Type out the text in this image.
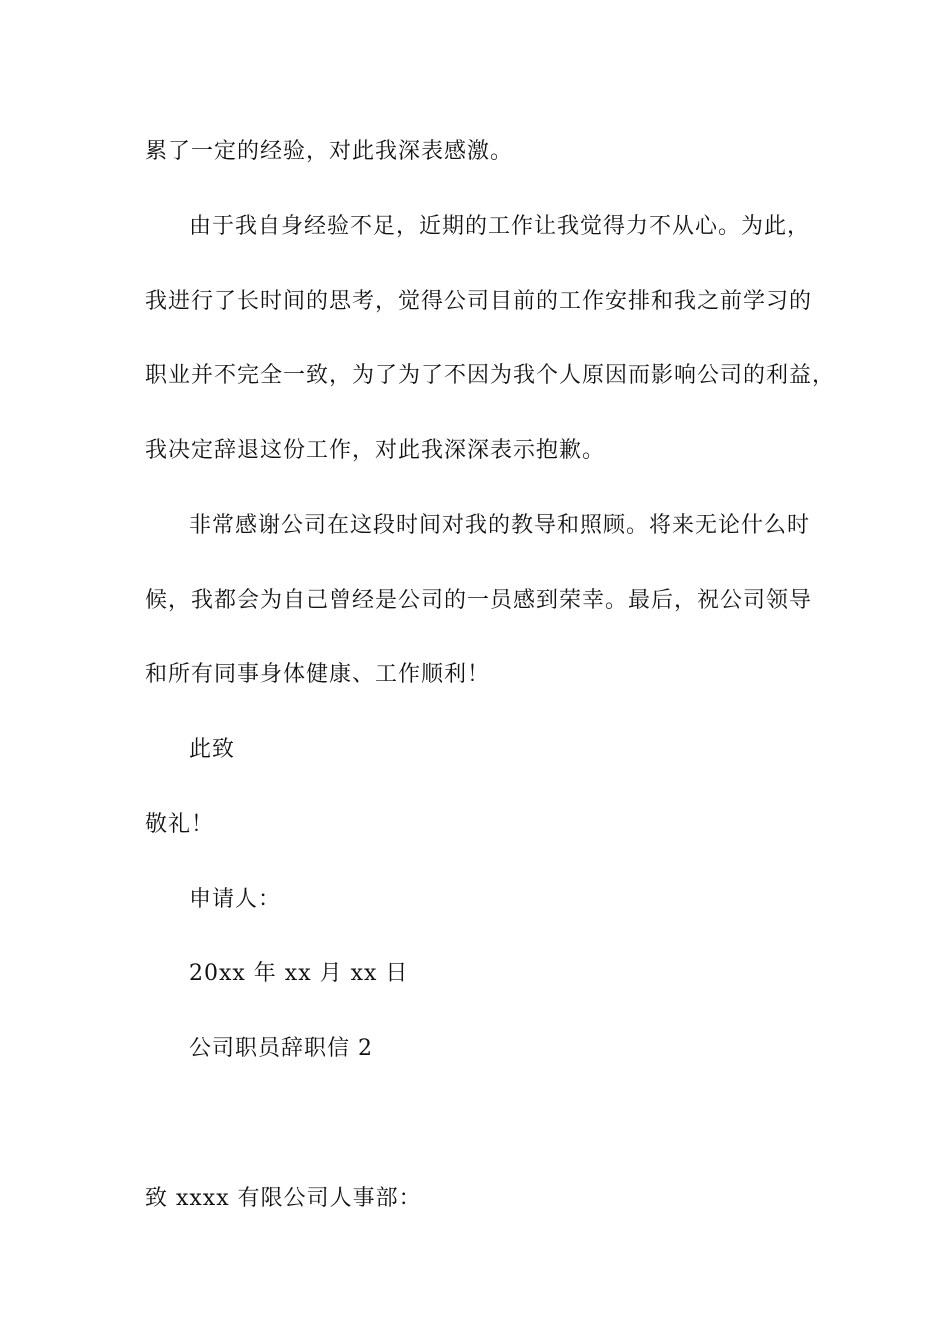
累了一定的经验，对此我深表感激。
由于我自身经验不足，近期的工作让我觉得力不从心。为此，
我进行了长时间的思考，觉得公司目前的工作安排和我之前学习的
职业并不完全一致，为了为了不因为我个人原因而影响公司的利益，
我决定辞退这份工作，对此我深深表示抱歉。
非常感谢公司在这段时间对我的教导和照顾。将来无论什么时
候，我都会为自己曾经是公司的一员感到荣幸。最后，祝公司领导
和所有同事身体健康、工作顺利！
此致
敬礼！
申请人：
20xx 年 xx 月 xx 日
公司职员辞职信 2
致 xxxx 有限公司人事部：
